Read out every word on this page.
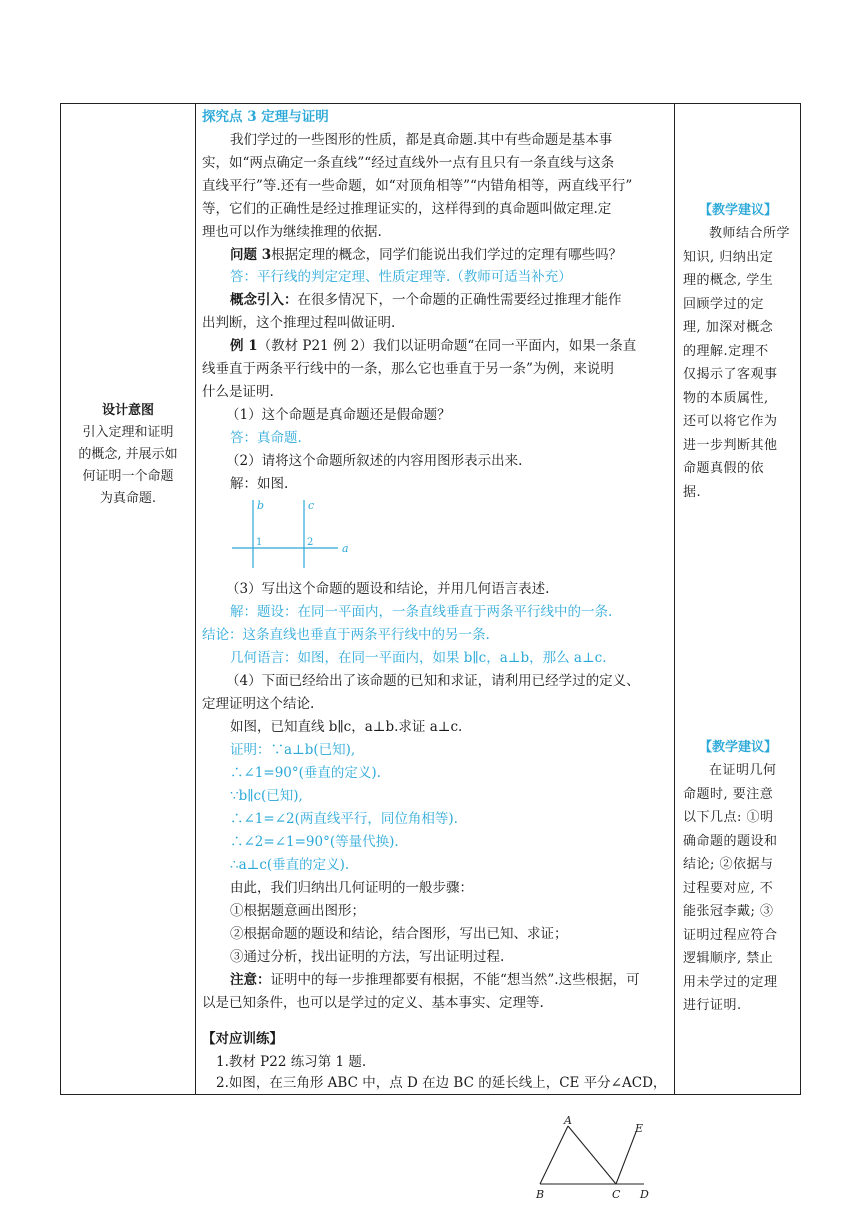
设计意图
引入定理和证明
的概念, 并展示如
何证明一个命题
为真命题.
探究点 3 定理与证明
我们学过的一些图形的性质，都是真命题.其中有些命题是基本事
实，如“两点确定一条直线”“经过直线外一点有且只有一条直线与这条
直线平行”等.还有一些命题，如“对顶角相等”“内错角相等，两直线平行”
等，它们的正确性是经过推理证实的，这样得到的真命题叫做定理.定
理也可以作为继续推理的依据.
问题 3根据定理的概念，同学们能说出我们学过的定理有哪些吗？
答：平行线的判定定理、性质定理等.（教师可适当补充）
概念引入：在很多情况下，一个命题的正确性需要经过推理才能作
出判断，这个推理过程叫做证明.
例 1（教材 P21 例 2）我们以证明命题“在同一平面内，如果一条直
线垂直于两条平行线中的一条，那么它也垂直于另一条”为例，来说明
什么是证明.
（1）这个命题是真命题还是假命题？
答：真命题.
（2）请将这个命题所叙述的内容用图形表示出来.
解：如图.
b	c
a
1	2
（3）写出这个命题的题设和结论，并用几何语言表述.
解：题设：在同一平面内，一条直线垂直于两条平行线中的一条.
结论：这条直线也垂直于两条平行线中的另一条.
几何语言：如图，在同一平面内，如果 b∥c，a⊥b，那么 a⊥c.
（4）下面已经给出了该命题的已知和求证，请利用已经学过的定义、
定理证明这个结论.
如图，已知直线 b∥c，a⊥b.求证 a⊥c.
证明：∵a⊥b(已知),
∴∠1=90°(垂直的定义).
∵b∥c(已知),
∴∠1=∠2(两直线平行，同位角相等).
∴∠2=∠1=90°(等量代换).
∴a⊥c(垂直的定义).
由此，我们归纳出几何证明的一般步骤：
①根据题意画出图形；
②根据命题的题设和结论，结合图形，写出已知、求证；
③通过分析，找出证明的方法，写出证明过程.
注意：证明中的每一步推理都要有根据，不能“想当然”.这些根据，可
以是已知条件，也可以是学过的定义、基本事实、定理等.
【对应训练】
1.教材 P22 练习第 1 题.
2.如图，在三角形 ABC 中，点 D 在边 BC 的延长线上，CE 平分∠ACD，
【教学建议】
教师结合所学
知识, 归纳出定
理的概念, 学生
回顾学过的定
理, 加深对概念
的理解.定理不
仅揭示了客观事
物的本质属性,
还可以将它作为
进一步判断其他
命题真假的依
据.
【教学建议】
在证明几何
命题时, 要注意
以下几点: ①明
确命题的题设和
结论; ②依据与
过程要对应, 不
能张冠李戴; ③
证明过程应符合
逻辑顺序, 禁止
用未学过的定理
进行证明.
A
B	C D
E
